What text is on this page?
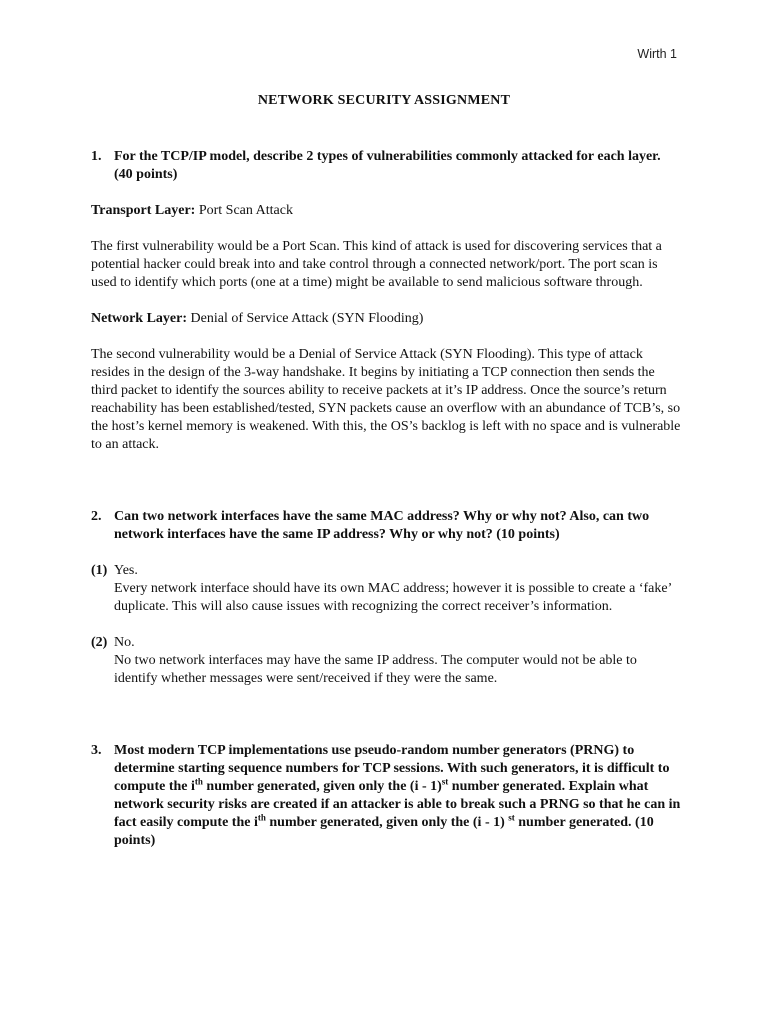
Wirth 1
NETWORK SECURITY ASSIGNMENT
1. For the TCP/IP model, describe 2 types of vulnerabilities commonly attacked for each layer. (40 points)

Transport Layer: Port Scan Attack

The first vulnerability would be a Port Scan. This kind of attack is used for discovering services that a potential hacker could break into and take control through a connected network/port. The port scan is used to identify which ports (one at a time) might be available to send malicious software through.

Network Layer: Denial of Service Attack (SYN Flooding)

The second vulnerability would be a Denial of Service Attack (SYN Flooding). This type of attack resides in the design of the 3-way handshake. It begins by initiating a TCP connection then sends the third packet to identify the sources ability to receive packets at it’s IP address. Once the source’s return reachability has been established/tested, SYN packets cause an overflow with an abundance of TCB’s, so the host’s kernel memory is weakened. With this, the OS’s backlog is left with no space and is vulnerable to an attack.

2. Can two network interfaces have the same MAC address? Why or why not? Also, can two network interfaces have the same IP address? Why or why not? (10 points)
(1) Yes.
Every network interface should have its own MAC address; however it is possible to create a ‘fake’ duplicate. This will also cause issues with recognizing the correct receiver’s information.
(2) No.
No two network interfaces may have the same IP address. The computer would not be able to identify whether messages were sent/received if they were the same.
3. Most modern TCP implementations use pseudo-random number generators (PRNG) to determine starting sequence numbers for TCP sessions. With such generators, it is difficult to compute the $i^{th}$ number generated, given only the (i - 1)$^{st}$ number generated. Explain what network security risks are created if an attacker is able to break such a PRNG so that he can in fact easily compute the $i^{th}$ number generated, given only the (i - 1) $^{st}$ number generated. (10 points)
